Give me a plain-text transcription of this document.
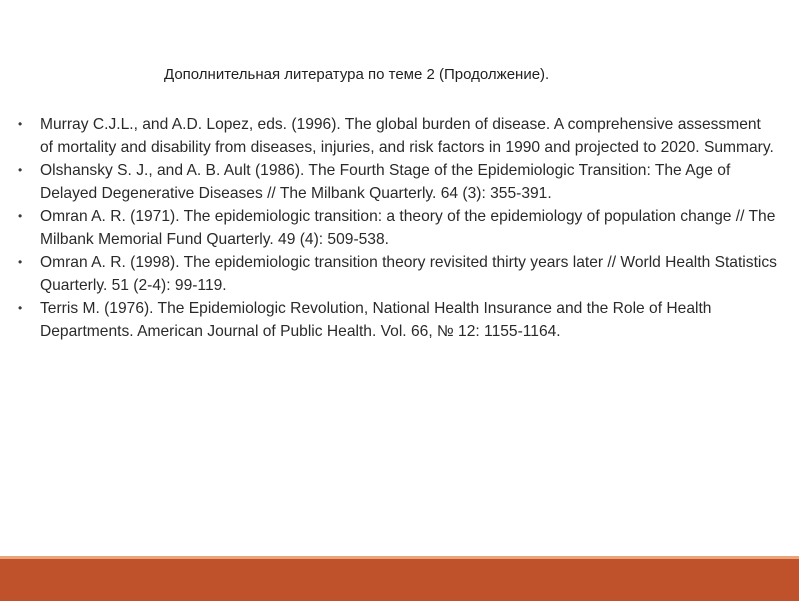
Дополнительная литература по теме 2 (Продолжение).
• Murray C.J.L., and A.D. Lopez, eds. (1996). The global burden of disease. A comprehensive assessment of mortality and disability from diseases, injuries, and risk factors in 1990 and projected to 2020. Summary.
• Olshansky S. J., and A. B. Ault (1986). The Fourth Stage of the Epidemiologic Transition: The Age of Delayed Degenerative Diseases // The Milbank Quarterly. 64 (3): 355-391.
• Omran A. R. (1971). The epidemiologic transition: a theory of the epidemiology of population change // The Milbank Memorial Fund Quarterly. 49 (4): 509-538.
• Omran A. R. (1998). The epidemiologic transition theory revisited thirty years later // World Health Statistics Quarterly. 51 (2-4): 99-119.
• Terris M. (1976). The Epidemiologic Revolution, National Health Insurance and the Role of Health Departments. American Journal of Public Health. Vol. 66, № 12: 1155-1164.
